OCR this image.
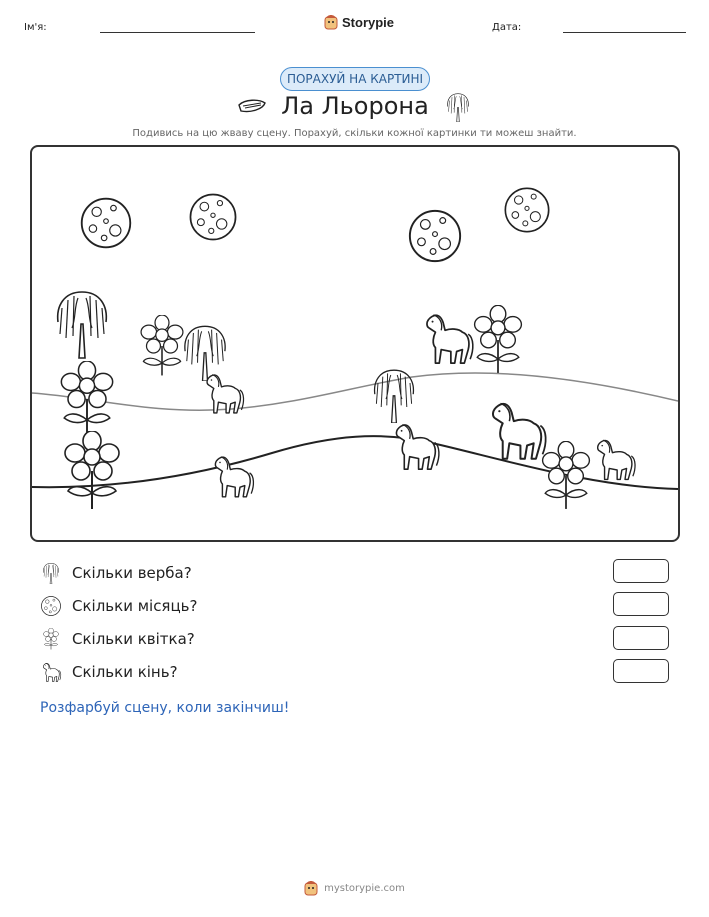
Ім'я:	Storypie	Дата:
ПОРАХУЙ НА КАРТИНІ
Ла Льорона
Подивись на цю жваву сцену. Порахуй, скільки кожної картинки ти можеш знайти.
Скільки верба?
Скільки місяць?
Скільки квітка?
Скільки кінь?
Розфарбуй сцену, коли закінчиш!
mystorypie.com
